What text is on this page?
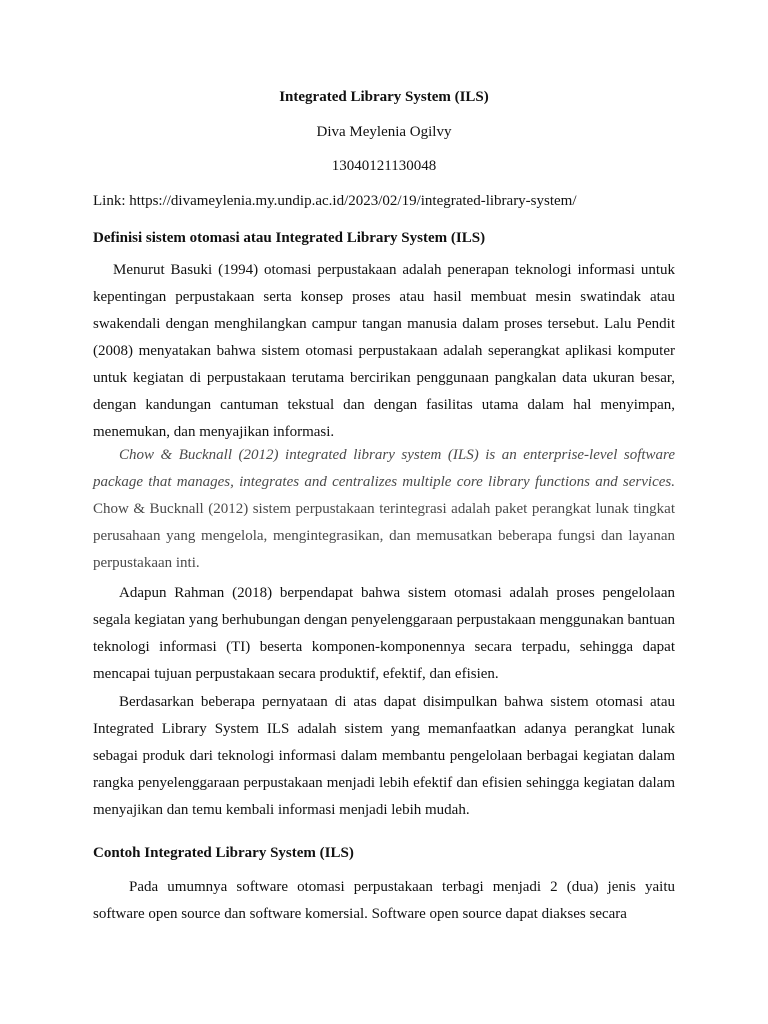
Integrated Library System (ILS)

Diva Meylenia Ogilvy

13040121130048

Link: https://divameylenia.my.undip.ac.id/2023/02/19/integrated-library-system/

Definisi sistem otomasi atau Integrated Library System (ILS)

Menurut Basuki (1994) otomasi perpustakaan adalah penerapan teknologi informasi untuk kepentingan perpustakaan serta konsep proses atau hasil membuat mesin swatindak atau swakendali dengan menghilangkan campur tangan manusia dalam proses tersebut. Lalu Pendit (2008) menyatakan bahwa sistem otomasi perpustakaan adalah seperangkat aplikasi komputer untuk kegiatan di perpustakaan terutama bercirikan penggunaan pangkalan data ukuran besar, dengan kandungan cantuman tekstual dan dengan fasilitas utama dalam hal menyimpan, menemukan, dan menyajikan informasi.

Chow & Bucknall (2012) integrated library system (ILS) is an enterprise-level software package that manages, integrates and centralizes multiple core library functions and services. Chow & Bucknall (2012) sistem perpustakaan terintegrasi adalah paket perangkat lunak tingkat perusahaan yang mengelola, mengintegrasikan, dan memusatkan beberapa fungsi dan layanan perpustakaan inti.

Adapun Rahman (2018) berpendapat bahwa sistem otomasi adalah proses pengelolaan segala kegiatan yang berhubungan dengan penyelenggaraan perpustakaan menggunakan bantuan teknologi informasi (TI) beserta komponen-komponennya secara terpadu, sehingga dapat mencapai tujuan perpustakaan secara produktif, efektif, dan efisien.

Berdasarkan beberapa pernyataan di atas dapat disimpulkan bahwa sistem otomasi atau Integrated Library System ILS adalah sistem yang memanfaatkan adanya perangkat lunak sebagai produk dari teknologi informasi dalam membantu pengelolaan berbagai kegiatan dalam rangka penyelenggaraan perpustakaan menjadi lebih efektif dan efisien sehingga kegiatan dalam menyajikan dan temu kembali informasi menjadi lebih mudah.

Contoh Integrated Library System (ILS)

Pada umumnya software otomasi perpustakaan terbagi menjadi 2 (dua) jenis yaitu software open source dan software komersial. Software open source dapat diakses secara
